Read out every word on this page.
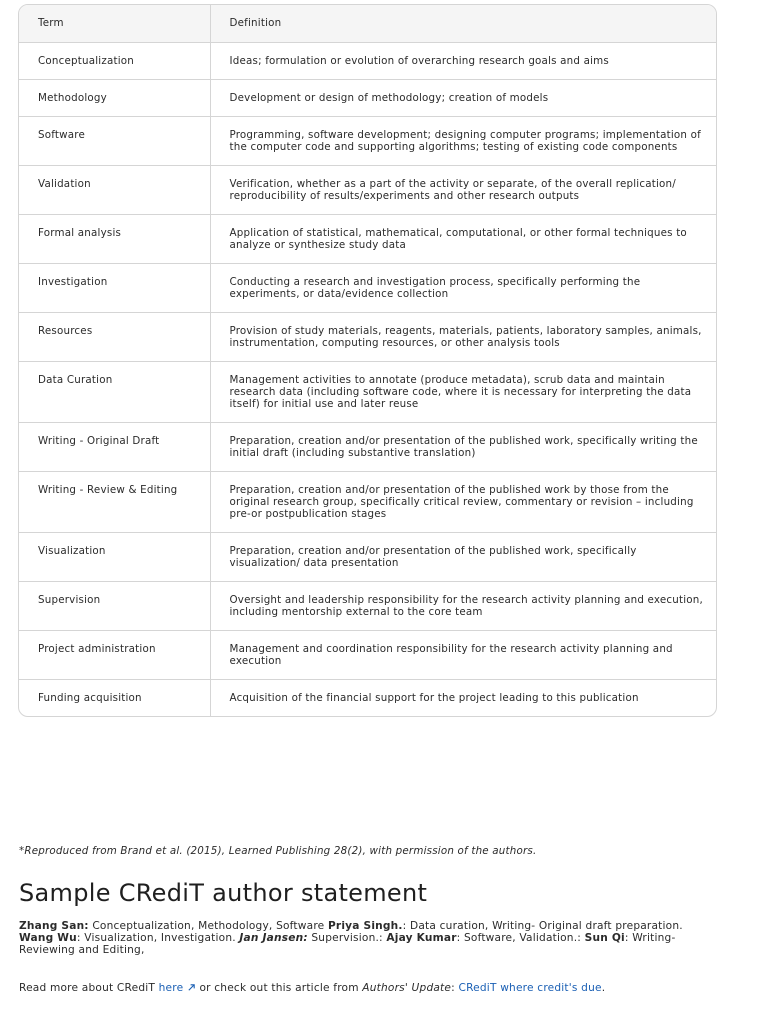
Term	Definition
Conceptualization	Ideas; formulation or evolution of overarching research goals and aims
Methodology	Development or design of methodology; creation of models
Software	Programming, software development; designing computer programs; implementation of the computer code and supporting algorithms; testing of existing code components
Validation	Verification, whether as a part of the activity or separate, of the overall replication/ reproducibility of results/experiments and other research outputs
Formal analysis	Application of statistical, mathematical, computational, or other formal techniques to analyze or synthesize study data
Investigation	Conducting a research and investigation process, specifically performing the experiments, or data/evidence collection
Resources	Provision of study materials, reagents, materials, patients, laboratory samples, animals, instrumentation, computing resources, or other analysis tools
Data Curation	Management activities to annotate (produce metadata), scrub data and maintain research data (including software code, where it is necessary for interpreting the data itself) for initial use and later reuse
Writing - Original Draft	Preparation, creation and/or presentation of the published work, specifically writing the initial draft (including substantive translation)
Writing - Review & Editing	Preparation, creation and/or presentation of the published work by those from the original research group, specifically critical review, commentary or revision – including pre-or postpublication stages
Visualization	Preparation, creation and/or presentation of the published work, specifically visualization/ data presentation
Supervision	Oversight and leadership responsibility for the research activity planning and execution, including mentorship external to the core team
Project administration	Management and coordination responsibility for the research activity planning and execution
Funding acquisition	Acquisition of the financial support for the project leading to this publication
*Reproduced from Brand et al. (2015), Learned Publishing 28(2), with permission of the authors.
Sample CRediT author statement

Zhang San: Conceptualization, Methodology, Software Priya Singh.: Data curation, Writing- Original draft preparation. Wang Wu: Visualization, Investigation. Jan Jansen: Supervision.: Ajay Kumar: Software, Validation.: Sun Qi: Writing- Reviewing and Editing,

Read more about CRediT here  or check out this article from Authors' Update: CRediT where credit's due.
